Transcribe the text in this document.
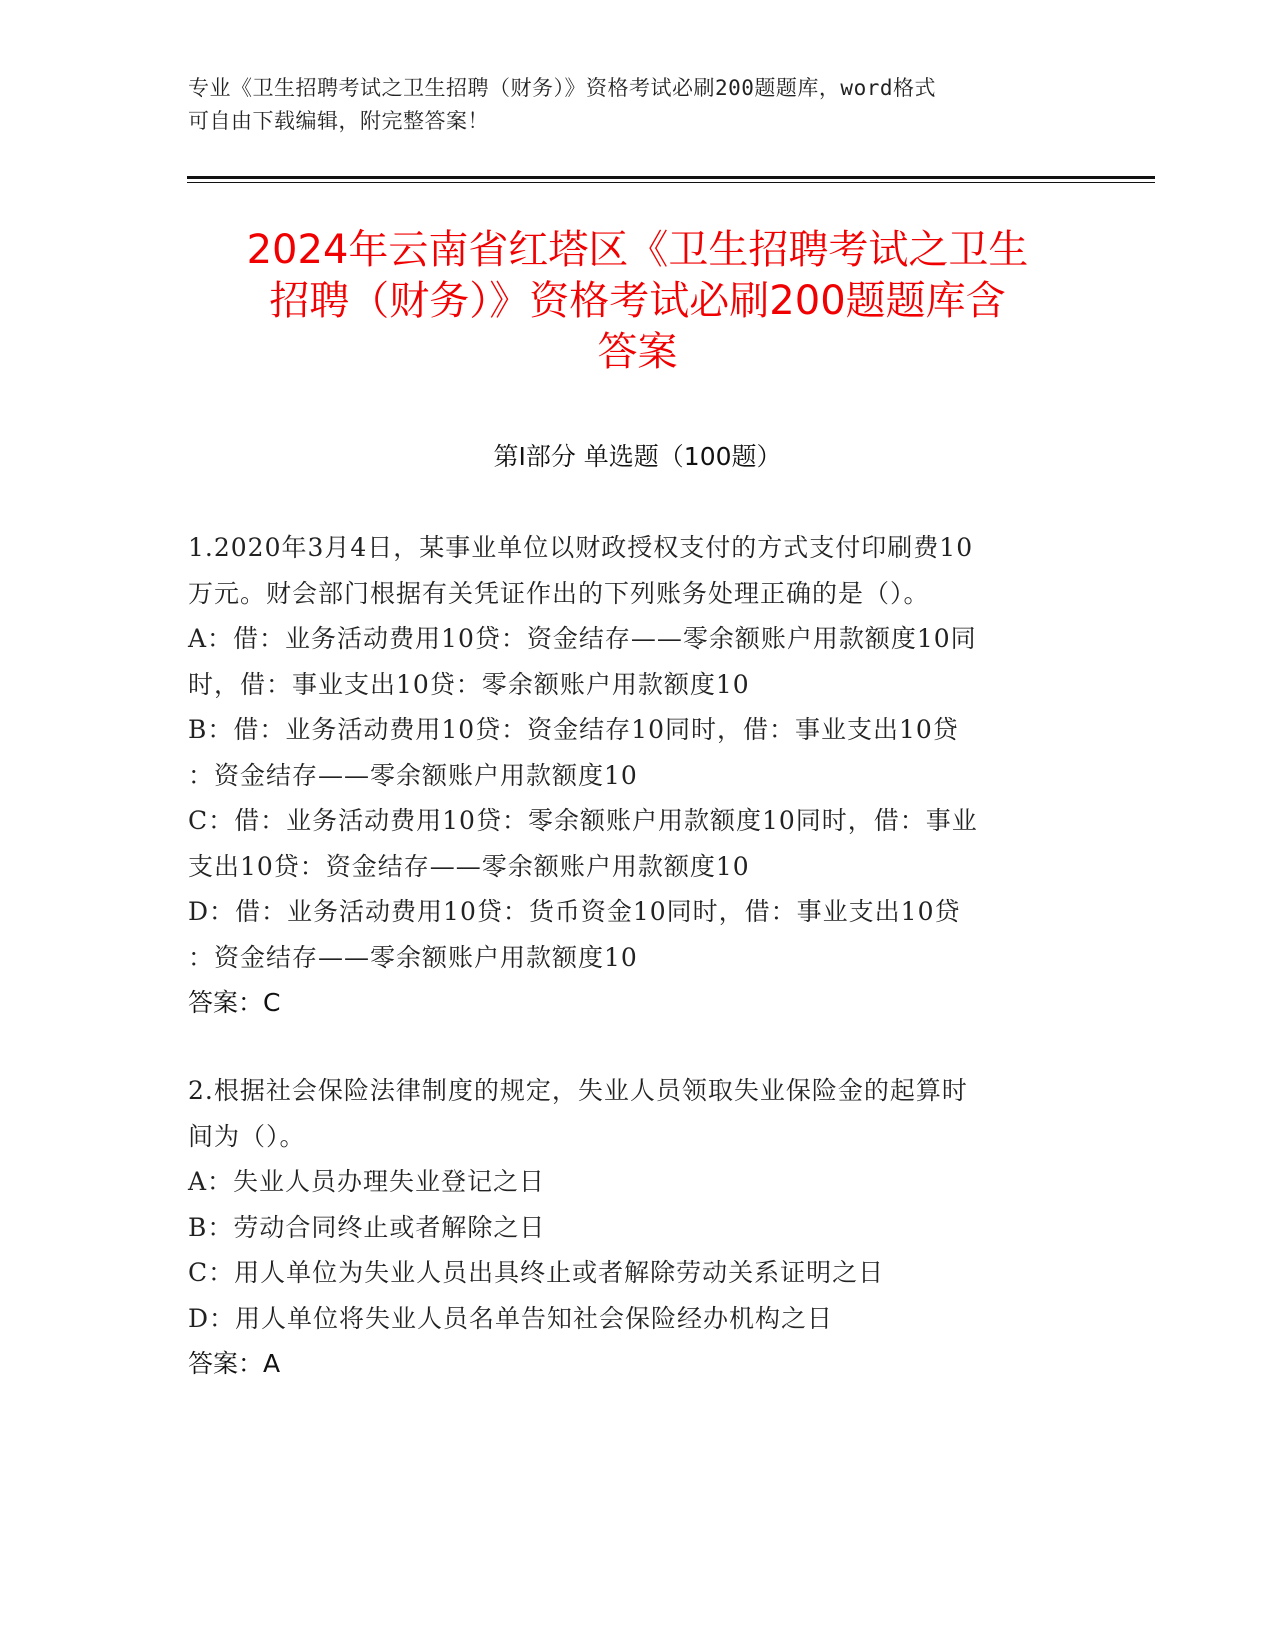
专业《卫生招聘考试之卫生招聘（财务）》资格考试必刷200题题库，word格式
可自由下载编辑，附完整答案！
2024年云南省红塔区《卫生招聘考试之卫生
招聘（财务）》资格考试必刷200题题库含
答案
第Ⅰ部分 单选题（100题）
1.2020年3月4日，某事业单位以财政授权支付的方式支付印刷费10
万元。财会部门根据有关凭证作出的下列账务处理正确的是（）。
A：借：业务活动费用10贷：资金结存——零余额账户用款额度10同
时，借：事业支出10贷：零余额账户用款额度10
B：借：业务活动费用10贷：资金结存10同时，借：事业支出10贷
：资金结存——零余额账户用款额度10
C：借：业务活动费用10贷：零余额账户用款额度10同时，借：事业
支出10贷：资金结存——零余额账户用款额度10
D：借：业务活动费用10贷：货币资金10同时，借：事业支出10贷
：资金结存——零余额账户用款额度10
答案：C
2.根据社会保险法律制度的规定，失业人员领取失业保险金的起算时
间为（）。
A：失业人员办理失业登记之日
B：劳动合同终止或者解除之日
C：用人单位为失业人员出具终止或者解除劳动关系证明之日
D：用人单位将失业人员名单告知社会保险经办机构之日
答案：A
